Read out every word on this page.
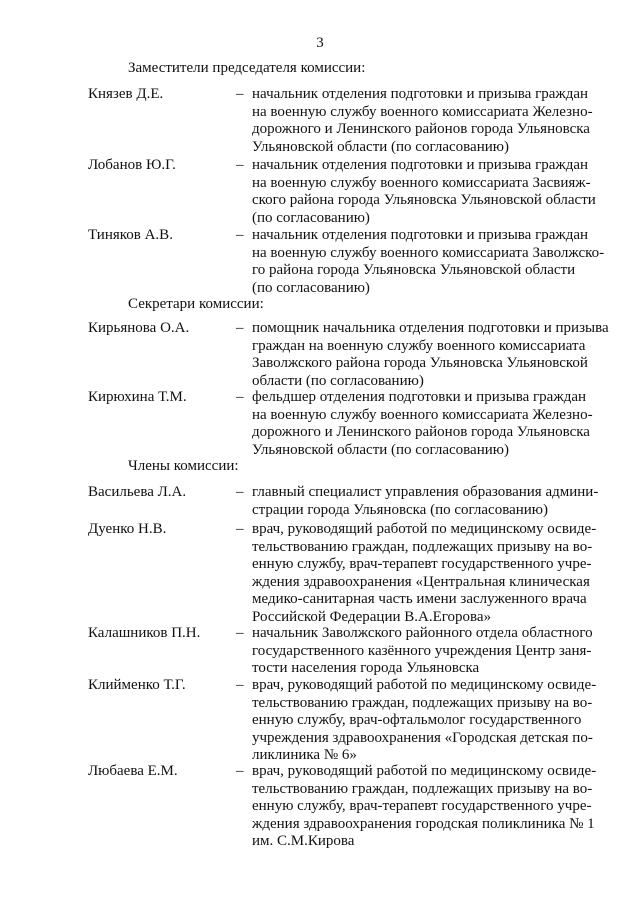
3
Заместители председателя комиссии:
Князев Д.Е.	– начальник отделения подготовки и призыва граждан
на военную службу военного комиссариата Железно-
дорожного и Ленинского районов города Ульяновска
Ульяновской области (по согласованию)
Лобанов Ю.Г.	– начальник отделения подготовки и призыва граждан
на военную службу военного комиссариата Засвияж-
ского района города Ульяновска Ульяновской области
(по согласованию)
Тиняков А.В.	– начальник отделения подготовки и призыва граждан
на военную службу военного комиссариата Заволжско-
го района города Ульяновска Ульяновской области
(по согласованию)
Секретари комиссии:
Кирьянова О.А.	– помощник начальника отделения подготовки и призыва
граждан на военную службу военного комиссариата
Заволжского района города Ульяновска Ульяновской
области (по согласованию)
Кирюхина Т.М.	– фельдшер отделения подготовки и призыва граждан
на военную службу военного комиссариата Железно-
дорожного и Ленинского районов города Ульяновска
Ульяновской области (по согласованию)
Члены комиссии:
Васильева Л.А.	– главный специалист управления образования админи-
страции города Ульяновска (по согласованию)
Дуенко Н.В.	– врач, руководящий работой по медицинскому освиде-
тельствованию граждан, подлежащих призыву на во-
енную службу, врач-терапевт государственного учре-
ждения здравоохранения «Центральная клиническая
медико-санитарная часть имени заслуженного врача
Российской Федерации В.А.Егорова»
Калашников П.Н. – начальник Заволжского районного отдела областного
государственного казённого учреждения Центр заня-
тости населения города Ульяновска
Клийменко Т.Г.	– врач, руководящий работой по медицинскому освиде-
тельствованию граждан, подлежащих призыву на во-
енную службу, врач-офтальмолог государственного
учреждения здравоохранения «Городская детская по-
ликлиника № 6»
Любаева Е.М.	– врач, руководящий работой по медицинскому освиде-
тельствованию граждан, подлежащих призыву на во-
енную службу, врач-терапевт государственного учре-
ждения здравоохранения городская поликлиника № 1
им. С.М.Кирова
